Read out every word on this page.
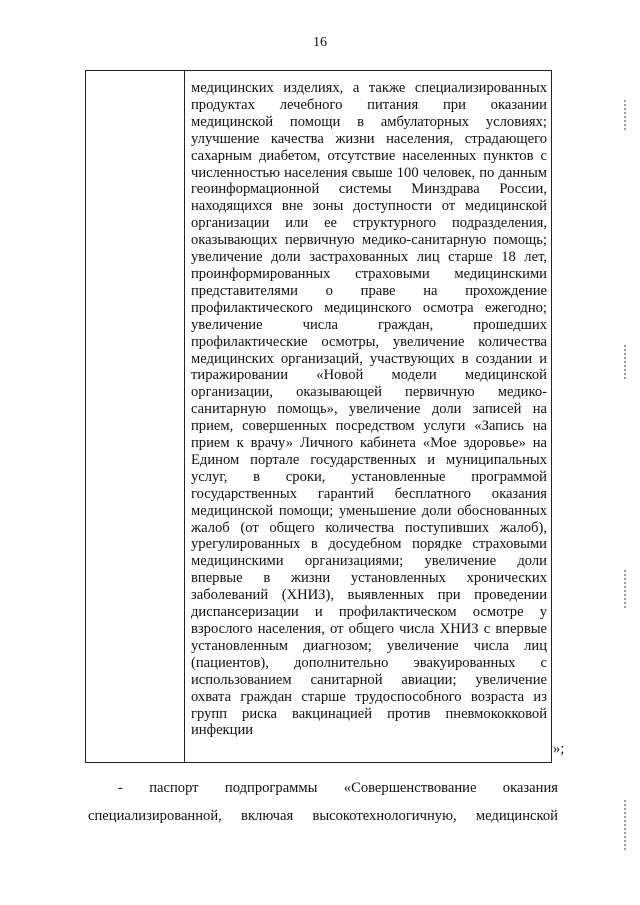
16
медицинских изделиях, а также специализированных
продуктах лечебного питания при оказании
медицинской помощи в амбулаторных условиях;
улучшение качества жизни населения, страдающего
сахарным диабетом, отсутствие населенных пунктов с
численностью населения свыше 100 человек, по данным
геоинформационной системы Минздрава России,
находящихся вне зоны доступности от медицинской
организации или ее структурного подразделения,
оказывающих первичную медико-санитарную помощь;
увеличение доли застрахованных лиц старше 18 лет,
проинформированных страховыми медицинскими
представителями о праве на прохождение
профилактического медицинского осмотра ежегодно;
увеличение числа граждан, прошедших
профилактические осмотры, увеличение количества
медицинских организаций, участвующих в создании и
тиражировании «Новой модели медицинской
организации, оказывающей первичную медико-
санитарную помощь», увеличение доли записей на
прием, совершенных посредством услуги «Запись на
прием к врачу» Личного кабинета «Мое здоровье» на
Едином портале государственных и муниципальных
услуг, в сроки, установленные программой
государственных гарантий бесплатного оказания
медицинской помощи; уменьшение доли обоснованных
жалоб (от общего количества поступивших жалоб),
урегулированных в досудебном порядке страховыми
медицинскими организациями; увеличение доли
впервые в жизни установленных хронических
заболеваний (ХНИЗ), выявленных при проведении
диспансеризации и профилактическом осмотре у
взрослого населения, от общего числа ХНИЗ с впервые
установленным диагнозом; увеличение числа лиц
(пациентов), дополнительно эвакуированных с
использованием санитарной авиации; увеличение
охвата граждан старше трудоспособного возраста из
групп риска вакцинацией против пневмококковой
инфекции
»;
- паспорт подпрограммы «Совершенствование оказания
специализированной, включая высокотехнологичную, медицинской
